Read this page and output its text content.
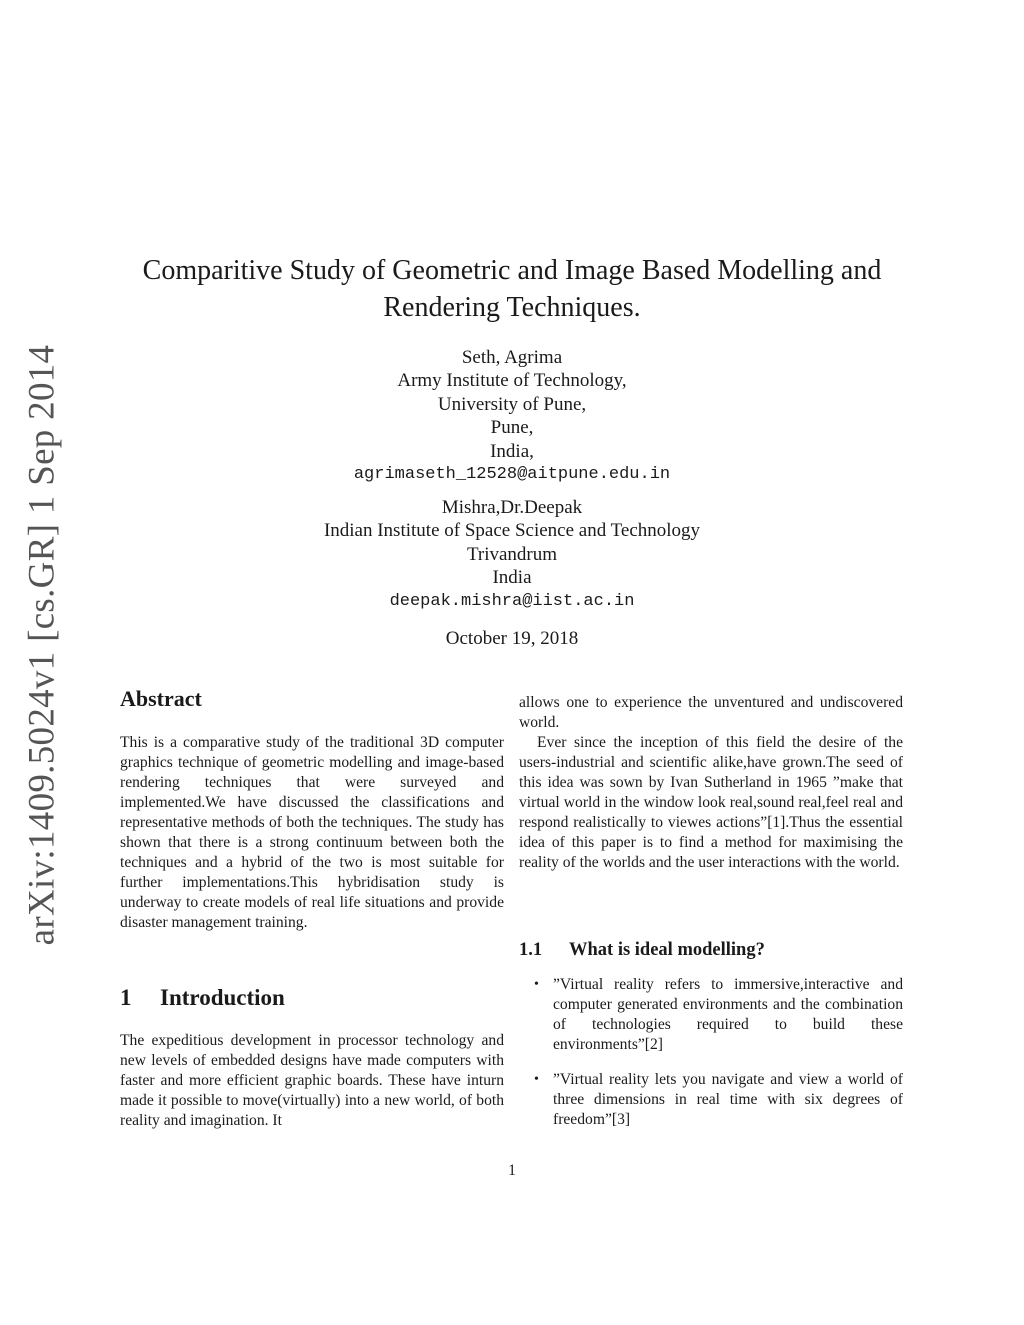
arXiv:1409.5024v1 [cs.GR] 1 Sep 2014
Comparitive Study of Geometric and Image Based Modelling and
Rendering Techniques.
Seth, Agrima
Army Institute of Technology,
University of Pune,
Pune,
India,
agrimaseth_12528@aitpune.edu.in
Mishra,Dr.Deepak
Indian Institute of Space Science and Technology
Trivandrum
India
deepak.mishra@iist.ac.in
October 19, 2018
Abstract
This is a comparative study of the traditional 3D computer graphics technique of geometric modelling and image-based rendering techniques that were surveyed and implemented.We have discussed the classifications and representative methods of both the techniques. The study has shown that there is a strong continuum between both the techniques and a hybrid of the two is most suitable for further implementations.This hybridisation study is underway to create models of real life situations and provide disaster management training.
1 Introduction
The expeditious development in processor technology and new levels of embedded designs have made computers with faster and more efficient graphic boards. These have inturn made it possible to move(virtually) into a new world, of both reality and imagination. It

allows one to experience the unventured and undiscovered world.

Ever since the inception of this field the desire of the users-industrial and scientific alike,have grown.The seed of this idea was sown by Ivan Sutherland in 1965 ”make that virtual world in the window look real,sound real,feel real and respond realistically to viewes actions”[1].Thus the essential idea of this paper is to find a method for maximising the reality of the worlds and the user interactions with the world.

1.1 What is ideal modelling?
• ”Virtual reality refers to immersive,interactive and computer generated environments and the combination of technologies required to build these environments”[2]
• ”Virtual reality lets you navigate and view a world of three dimensions in real time with six degrees of freedom”[3]
1
